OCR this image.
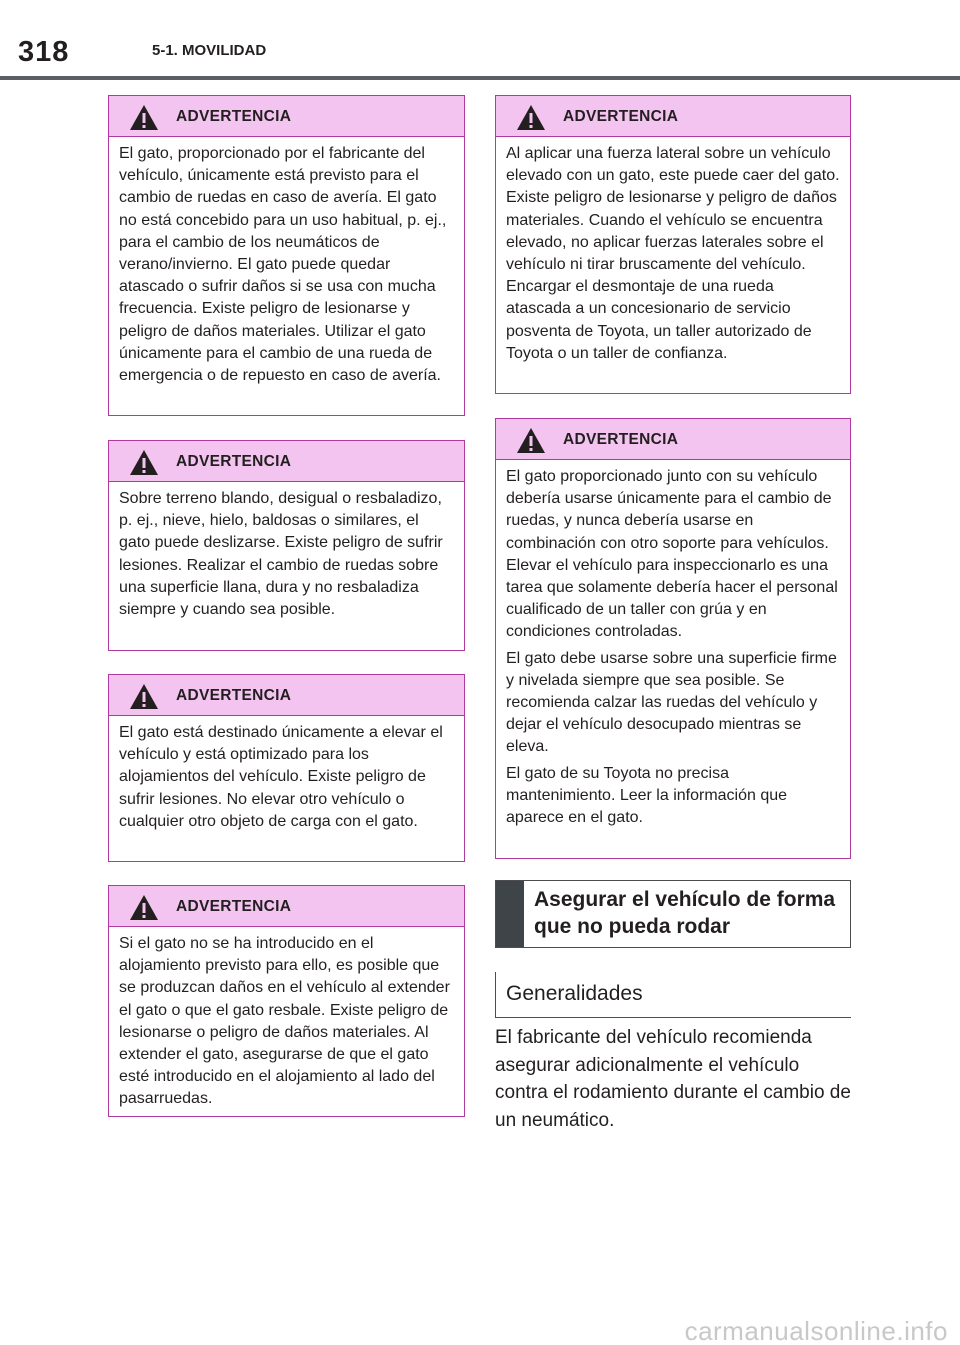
318	5-1. MOVILIDAD
ADVERTENCIA

El gato, proporcionado por el fabricante del vehículo, únicamente está previsto para el cambio de ruedas en caso de avería. El gato no está concebido para un uso habitual, p. ej., para el cambio de los neumáticos de verano/invierno. El gato puede quedar atascado o sufrir daños si se usa con mucha frecuencia. Existe peligro de lesionarse y peligro de daños materiales. Utilizar el gato únicamente para el cambio de una rueda de emergencia o de repuesto en caso de avería.

ADVERTENCIA

Sobre terreno blando, desigual o resbaladizo, p. ej., nieve, hielo, baldosas o similares, el gato puede deslizarse. Existe peligro de sufrir lesiones. Realizar el cambio de ruedas sobre una superficie llana, dura y no resbaladiza siempre y cuando sea posible.

ADVERTENCIA

El gato está destinado únicamente a elevar el vehículo y está optimizado para los alojamientos del vehículo. Existe peligro de sufrir lesiones. No elevar otro vehículo o cualquier otro objeto de carga con el gato.

ADVERTENCIA

Si el gato no se ha introducido en el alojamiento previsto para ello, es posible que se produzcan daños en el vehículo al extender el gato o que el gato resbale. Existe peligro de lesionarse o peligro de daños materiales. Al extender el gato, asegurarse de que el gato esté introducido en el alojamiento al lado del pasarruedas.

ADVERTENCIA

Al aplicar una fuerza lateral sobre un vehículo elevado con un gato, este puede caer del gato. Existe peligro de lesionarse y peligro de daños materiales. Cuando el vehículo se encuentra elevado, no aplicar fuerzas laterales sobre el vehículo ni tirar bruscamente del vehículo. Encargar el desmontaje de una rueda atascada a un concesionario de servicio posventa de Toyota, un taller autorizado de Toyota o un taller de confianza.

ADVERTENCIA

El gato proporcionado junto con su vehículo debería usarse únicamente para el cambio de ruedas, y nunca debería usarse en combinación con otro soporte para vehículos. Elevar el vehículo para inspeccionarlo es una tarea que solamente debería hacer el personal cualificado de un taller con grúa y en condiciones controladas.

El gato debe usarse sobre una superficie firme y nivelada siempre que sea posible. Se recomienda calzar las ruedas del vehículo y dejar el vehículo desocupado mientras se eleva.

El gato de su Toyota no precisa mantenimiento. Leer la información que aparece en el gato.

Asegurar el vehículo de forma que no pueda rodar
Generalidades
El fabricante del vehículo recomienda asegurar adicionalmente el vehículo contra el rodamiento durante el cambio de un neumático.
carmanualsonline.info
